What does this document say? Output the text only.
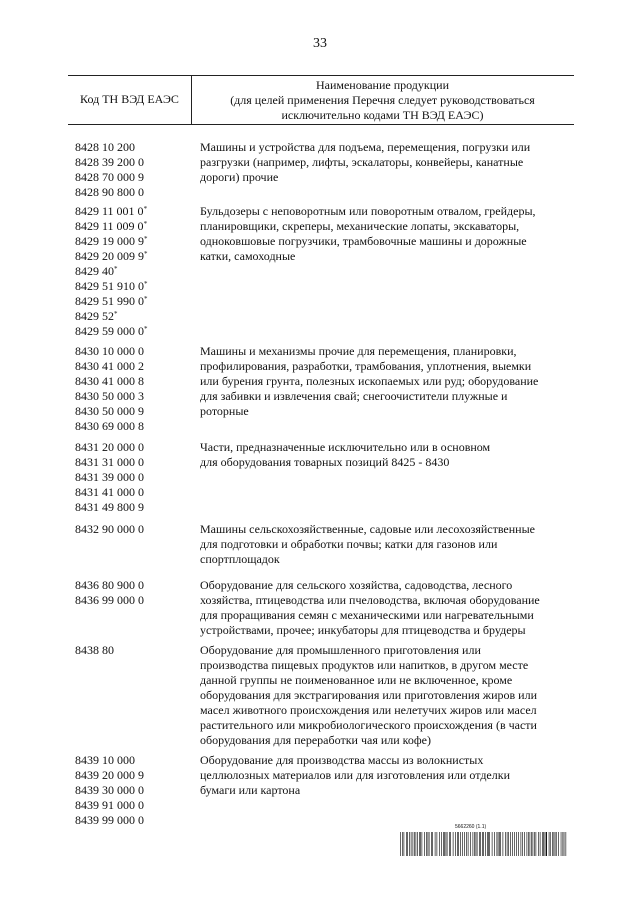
33
Код ТН ВЭД ЕАЭС
Наименование продукции
(для целей применения Перечня следует руководствоваться
исключительно кодами ТН ВЭД ЕАЭС)
8428 10 200
8428 39 200 0
8428 70 000 9
8428 90 800 0
Машины и устройства для подъема, перемещения, погрузки или
разгрузки (например, лифты, эскалаторы, конвейеры, канатные
дороги) прочие
8429 11 001 0*
8429 11 009 0*
8429 19 000 9*
8429 20 009 9*
8429 40*
8429 51 910 0*
8429 51 990 0*
8429 52*
8429 59 000 0*
Бульдозеры с неповоротным или поворотным отвалом, грейдеры,
планировщики, скреперы, механические лопаты, экскаваторы,
одноковшовые погрузчики, трамбовочные машины и дорожные
катки, самоходные
8430 10 000 0
8430 41 000 2
8430 41 000 8
8430 50 000 3
8430 50 000 9
8430 69 000 8
Машины и механизмы прочие для перемещения, планировки,
профилирования, разработки, трамбования, уплотнения, выемки
или бурения грунта, полезных ископаемых или руд; оборудование
для забивки и извлечения свай; снегоочистители плужные и
роторные
8431 20 000 0
8431 31 000 0
8431 39 000 0
8431 41 000 0
8431 49 800 9
Части, предназначенные исключительно или в основном
для оборудования товарных позиций 8425 - 8430
8432 90 000 0	Машины сельскохозяйственные, садовые или лесохозяйственные
для подготовки и обработки почвы; катки для газонов или
спортплощадок
8436 80 900 0
8436 99 000 0
Оборудование для сельского хозяйства, садоводства, лесного
хозяйства, птицеводства или пчеловодства, включая оборудование
для проращивания семян с механическими или нагревательными
устройствами, прочее; инкубаторы для птицеводства и брудеры
8438 80	Оборудование для промышленного приготовления или
производства пищевых продуктов или напитков, в другом месте
данной группы не поименованное или не включенное, кроме
оборудования для экстрагирования или приготовления жиров или
масел животного происхождения или нелетучих жиров или масел
растительного или микробиологического происхождения (в части
оборудования для переработки чая или кофе)
8439 10 000
8439 20 000 9
8439 30 000 0
8439 91 000 0
8439 99 000 0
Оборудование для производства массы из волокнистых
целлюлозных материалов или для изготовления или отделки
бумаги или картона
5662260 (1.1)
